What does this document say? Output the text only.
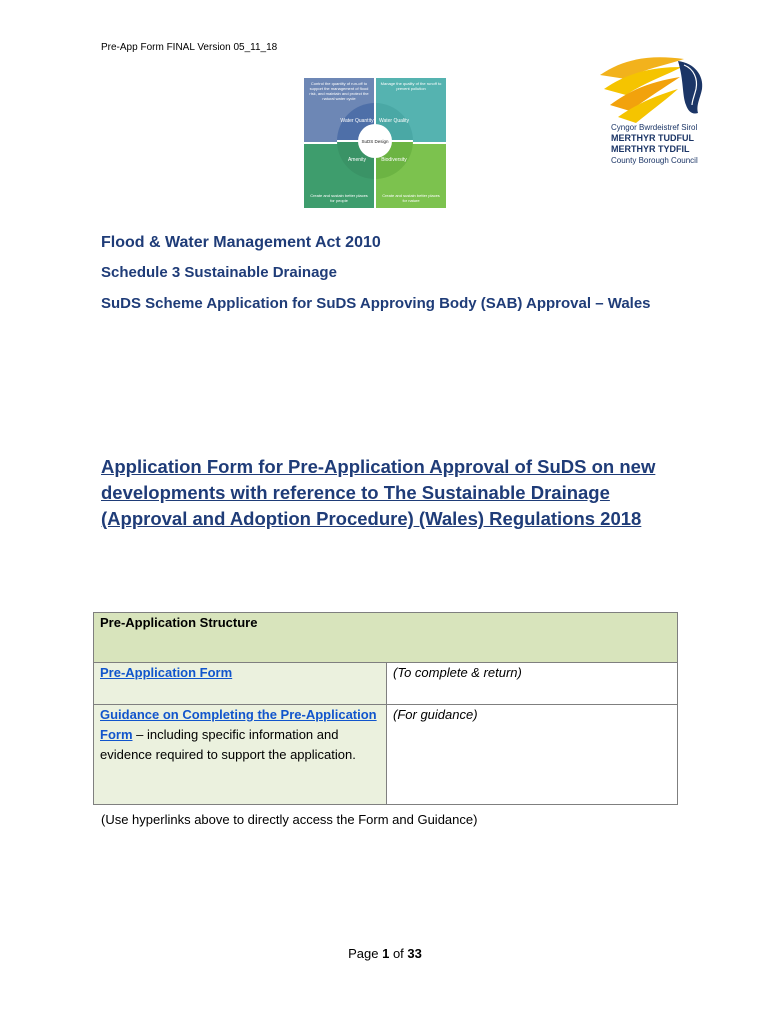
Pre-App Form FINAL Version 05_11_18
Control the quantity of run-off to support the management of flood risk, and maintain and protect the natural water cycle
Manage the quality of the runoff to prevent pollution
Create and sustain better places for people
Create and sustain better places for nature
Water Quantity	Water Quality
Amenity	Biodiversity
SuDS Design
Cyngor Bwrdeistref Sirol
MERTHYR TUDFUL
MERTHYR TYDFIL
County Borough Council
Flood & Water Management Act 2010
Schedule 3 Sustainable Drainage
SuDS Scheme Application for SuDS Approving Body (SAB) Approval – Wales
Application Form for Pre-Application Approval of SuDS on new developments with reference to The Sustainable Drainage (Approval and Adoption Procedure) (Wales) Regulations 2018
Pre-Application Structure	
Pre-Application Form	(To complete & return)
Guidance on Completing the Pre-Application Form – including specific information and evidence required to support the application.	(For guidance)
(Use hyperlinks above to directly access the Form and Guidance)
Page 1 of 33
